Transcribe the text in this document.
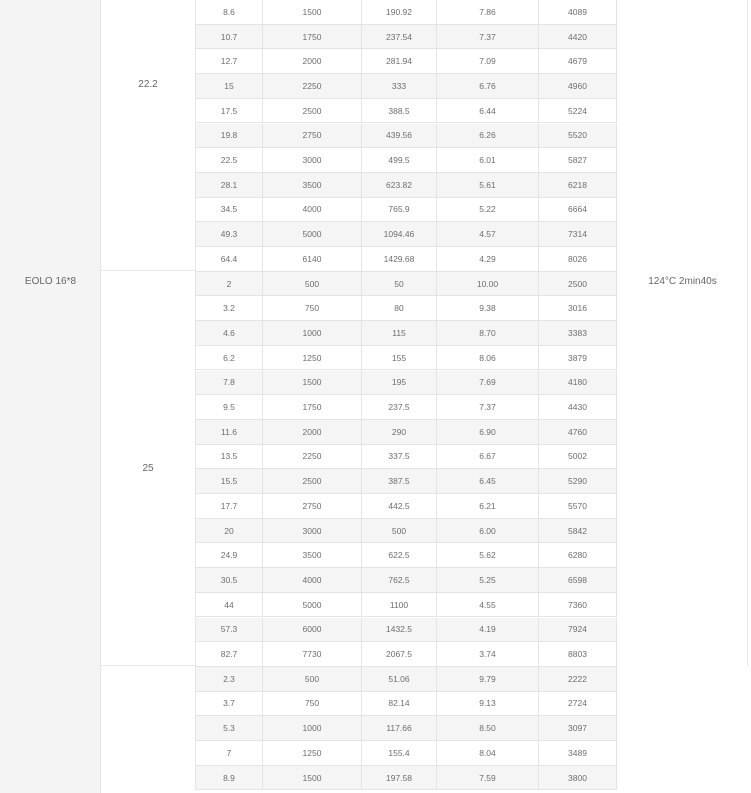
EOLO 16*8
22.2
25
124°C 2min40s
8.6	1500	190.92	7.86	4089
10.7	1750	237.54	7.37	4420
12.7	2000	281.94	7.09	4679
15	2250	333	6.76	4960
17.5	2500	388.5	6.44	5224
19.8	2750	439.56	6.26	5520
22.5	3000	499.5	6.01	5827
28.1	3500	623.82	5.61	6218
34.5	4000	765.9	5.22	6664
49.3	5000	1094.46	4.57	7314
64.4	6140	1429.68	4.29	8026
2	500	50	10.00	2500
3.2	750	80	9.38	3016
4.6	1000	115	8.70	3383
6.2	1250	155	8.06	3879
7.8	1500	195	7.69	4180
9.5	1750	237.5	7.37	4430
11.6	2000	290	6.90	4760
13.5	2250	337.5	6.67	5002
15.5	2500	387.5	6.45	5290
17.7	2750	442.5	6.21	5570
20	3000	500	6.00	5842
24.9	3500	622.5	5.62	6280
30.5	4000	762.5	5.25	6598
44	5000	1100	4.55	7360
57.3	6000	1432.5	4.19	7924
82.7	7730	2067.5	3.74	8803
2.3	500	51.06	9.79	2222
3.7	750	82.14	9.13	2724
5.3	1000	117.66	8.50	3097
7	1250	155.4	8.04	3489
8.9	1500	197.58	7.59	3800
